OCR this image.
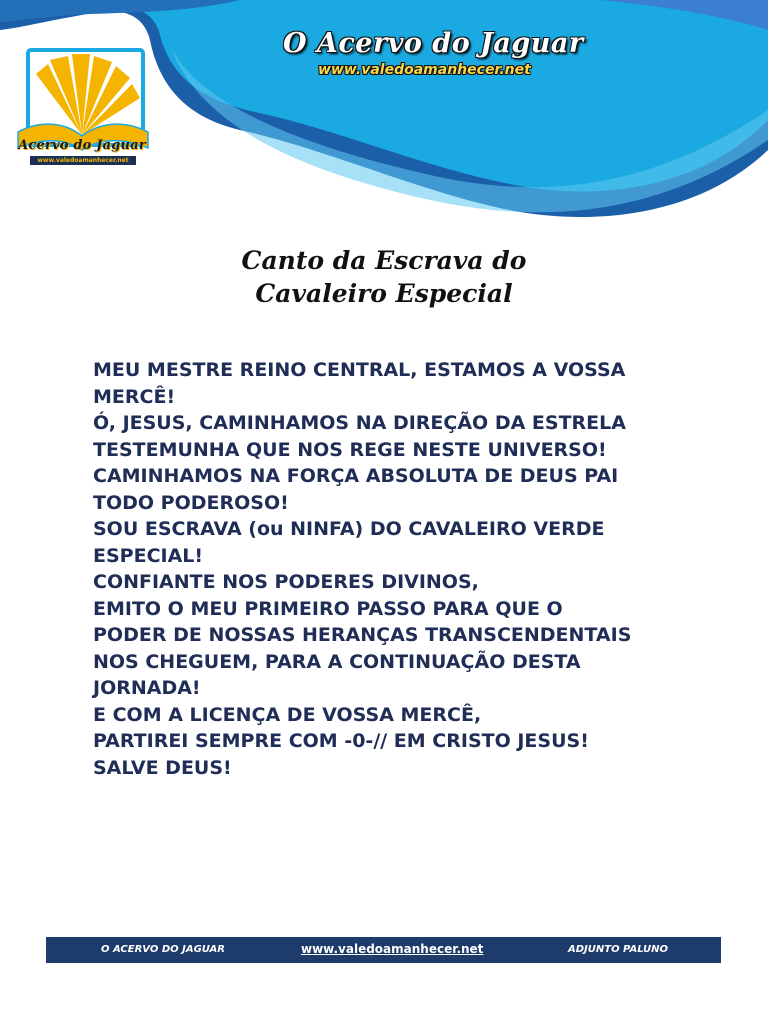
Acervo do Jaguar
www.valedoamanhecer.net
O Acervo do Jaguar
www.valedoamanhecer.net
Canto da Escrava do
Cavaleiro Especial
MEU MESTRE REINO CENTRAL, ESTAMOS A VOSSA
MERCÊ!
Ó, JESUS, CAMINHAMOS NA DIREÇÃO DA ESTRELA
TESTEMUNHA QUE NOS REGE NESTE UNIVERSO!
CAMINHAMOS NA FORÇA ABSOLUTA DE DEUS PAI
TODO PODEROSO!
SOU ESCRAVA (ou NINFA) DO CAVALEIRO VERDE
ESPECIAL!
CONFIANTE NOS PODERES DIVINOS,
EMITO O MEU PRIMEIRO PASSO PARA QUE O
PODER DE NOSSAS HERANÇAS TRANSCENDENTAIS
NOS CHEGUEM, PARA A CONTINUAÇÃO DESTA
JORNADA!
E COM A LICENÇA DE VOSSA MERCÊ,
PARTIREI SEMPRE COM -0-// EM CRISTO JESUS!
SALVE DEUS!
O ACERVO DO JAGUAR	www.valedoamanhecer.net	ADJUNTO PALUNO
